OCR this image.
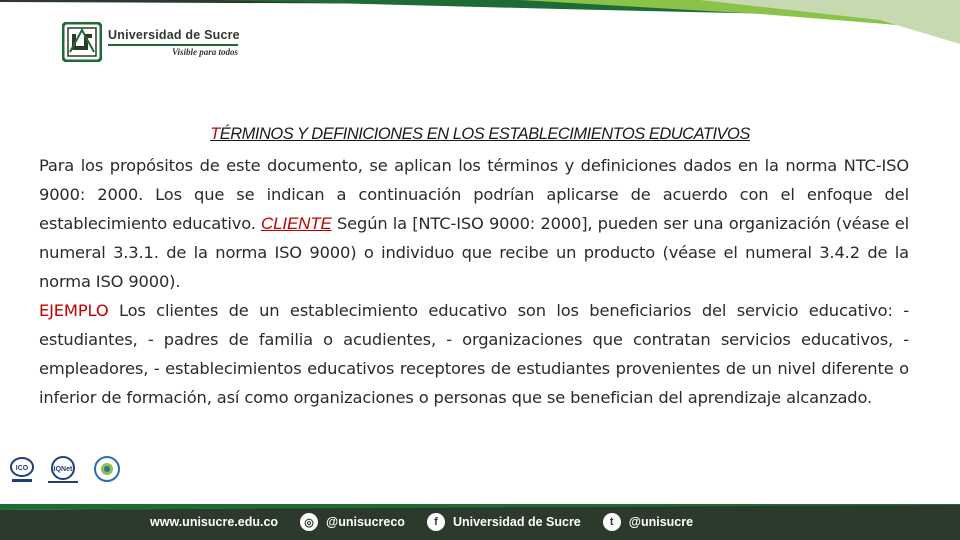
Universidad de Sucre
Visible para todos
TÉRMINOS Y DEFINICIONES EN LOS ESTABLECIMIENTOS EDUCATIVOS

Para los propósitos de este documento, se aplican los términos y definiciones dados en la norma NTC-ISO 9000: 2000. Los que se indican a continuación podrían aplicarse de acuerdo con el enfoque del establecimiento educativo. CLIENTE Según la [NTC-ISO 9000: 2000], pueden ser una organización (véase el numeral 3.3.1. de la norma ISO 9000) o individuo que recibe un producto (véase el numeral 3.4.2 de la norma ISO 9000).

EJEMPLO Los clientes de un establecimiento educativo son los beneficiarios del servicio educativo: - estudiantes, - padres de familia o acudientes, - organizaciones que contratan servicios educativos, - empleadores, - establecimientos educativos receptores de estudiantes provenientes de un nivel diferente o inferior de formación, así como organizaciones o personas que se benefician del aprendizaje alcanzado.

ICO	IQNet
www.unisucre.edu.co	◎ @unisucreco	f	Universidad de Sucre	t	@unisucre
